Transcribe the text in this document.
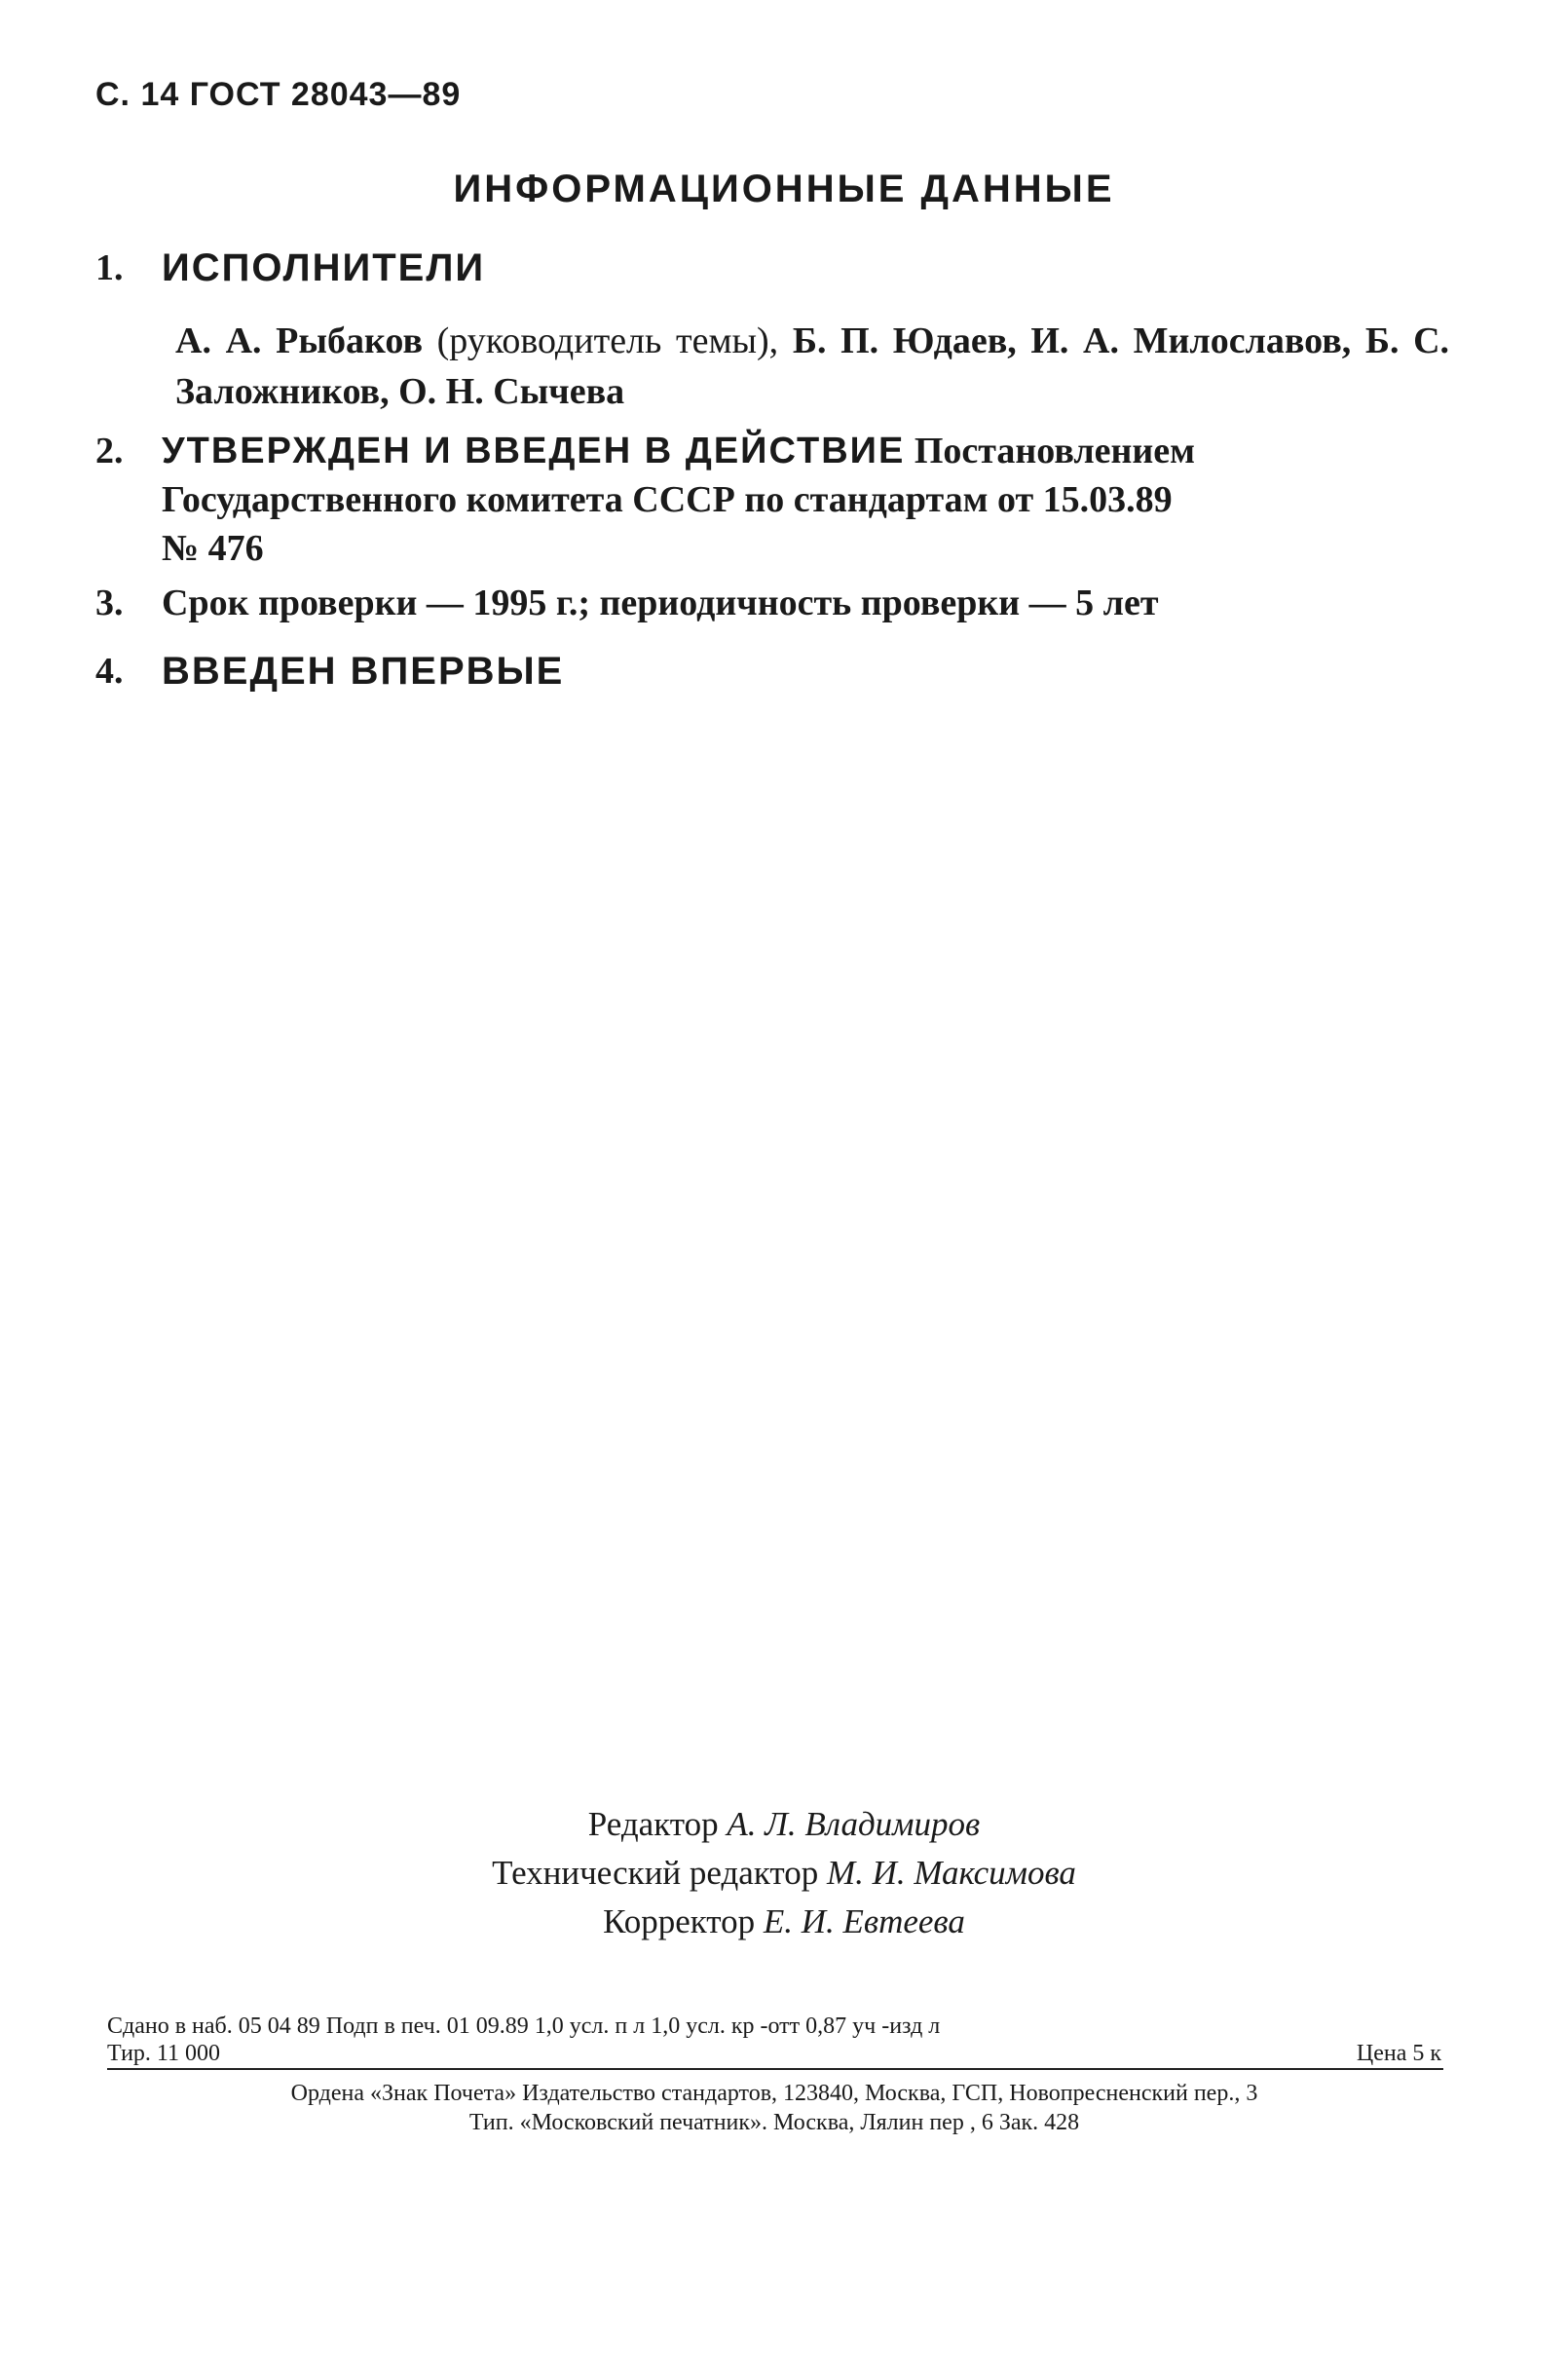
С. 14 ГОСТ 28043—89
ИНФОРМАЦИОННЫЕ ДАННЫЕ
1. ИСПОЛНИТЕЛИ
А. А. Рыбаков (руководитель темы), Б. П. Юдаев, И. А. Милославов, Б. С. Заложников, О. Н. Сычева
2. УТВЕРЖДЕН И ВВЕДЕН В ДЕЙСТВИЕ Постановлением
Государственного комитета СССР по стандартам от 15.03.89
№ 476
3. Срок проверки — 1995 г.; периодичность проверки — 5 лет
4. ВВЕДЕН ВПЕРВЫЕ
Редактор А. Л. Владимиров
Технический редактор М. И. Максимова
Корректор Е. И. Евтеева
Сдано в наб. 05 04 89 Подп в печ. 01 09.89 1,0 усл. п л 1,0 усл. кр -отт 0,87 уч -изд л
Тир. 11 000	Цена 5 к
Ордена «Знак Почета» Издательство стандартов, 123840, Москва, ГСП, Новопресненский пер., 3
Тип. «Московский печатник». Москва, Лялин пер , 6 Зак. 428
